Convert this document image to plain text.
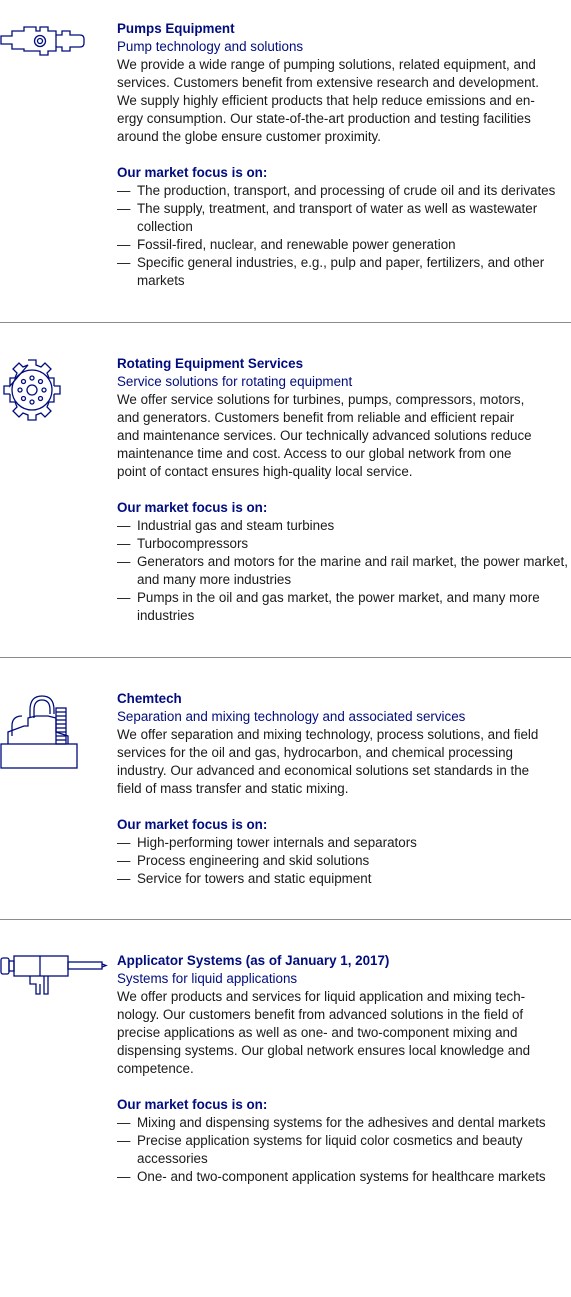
Pumps Equipment

Pump technology and solutions

We provide a wide range of pumping solutions, related equipment, and
services. Customers benefit from extensive research and development.
We supply highly efficient products that help reduce emissions and en-
ergy consumption. Our state-of-the-art production and testing facilities
around the globe ensure customer proximity.

Our market focus is on:

— The production, transport, and processing of crude oil and its derivates
— The supply, treatment, and transport of water as well as wastewater collection
— Fossil-fired, nuclear, and renewable power generation
— Specific general industries, e.g., pulp and paper, fertilizers, and other markets

Rotating Equipment Services

Service solutions for rotating equipment

We offer service solutions for turbines, pumps, compressors, motors,
and generators. Customers benefit from reliable and efficient repair
and maintenance services. Our technically advanced solutions reduce
maintenance time and cost. Access to our global network from one
point of contact ensures high-quality local service.

Our market focus is on:

— Industrial gas and steam turbines
— Turbocompressors
— Generators and motors for the marine and rail market, the power market, and many more industries
— Pumps in the oil and gas market, the power market, and many more industries

Chemtech

Separation and mixing technology and associated services

We offer separation and mixing technology, process solutions, and field
services for the oil and gas, hydrocarbon, and chemical processing
industry. Our advanced and economical solutions set standards in the
field of mass transfer and static mixing.

Our market focus is on:

— High-performing tower internals and separators
— Process engineering and skid solutions
— Service for towers and static equipment

Applicator Systems (as of January 1, 2017)

Systems for liquid applications

We offer products and services for liquid application and mixing tech-
nology. Our customers benefit from advanced solutions in the field of
precise applications as well as one- and two-component mixing and
dispensing systems. Our global network ensures local knowledge and
competence.

Our market focus is on:

— Mixing and dispensing systems for the adhesives and dental markets
— Precise application systems for liquid color cosmetics and beauty accessories
— One- and two-component application systems for healthcare markets
